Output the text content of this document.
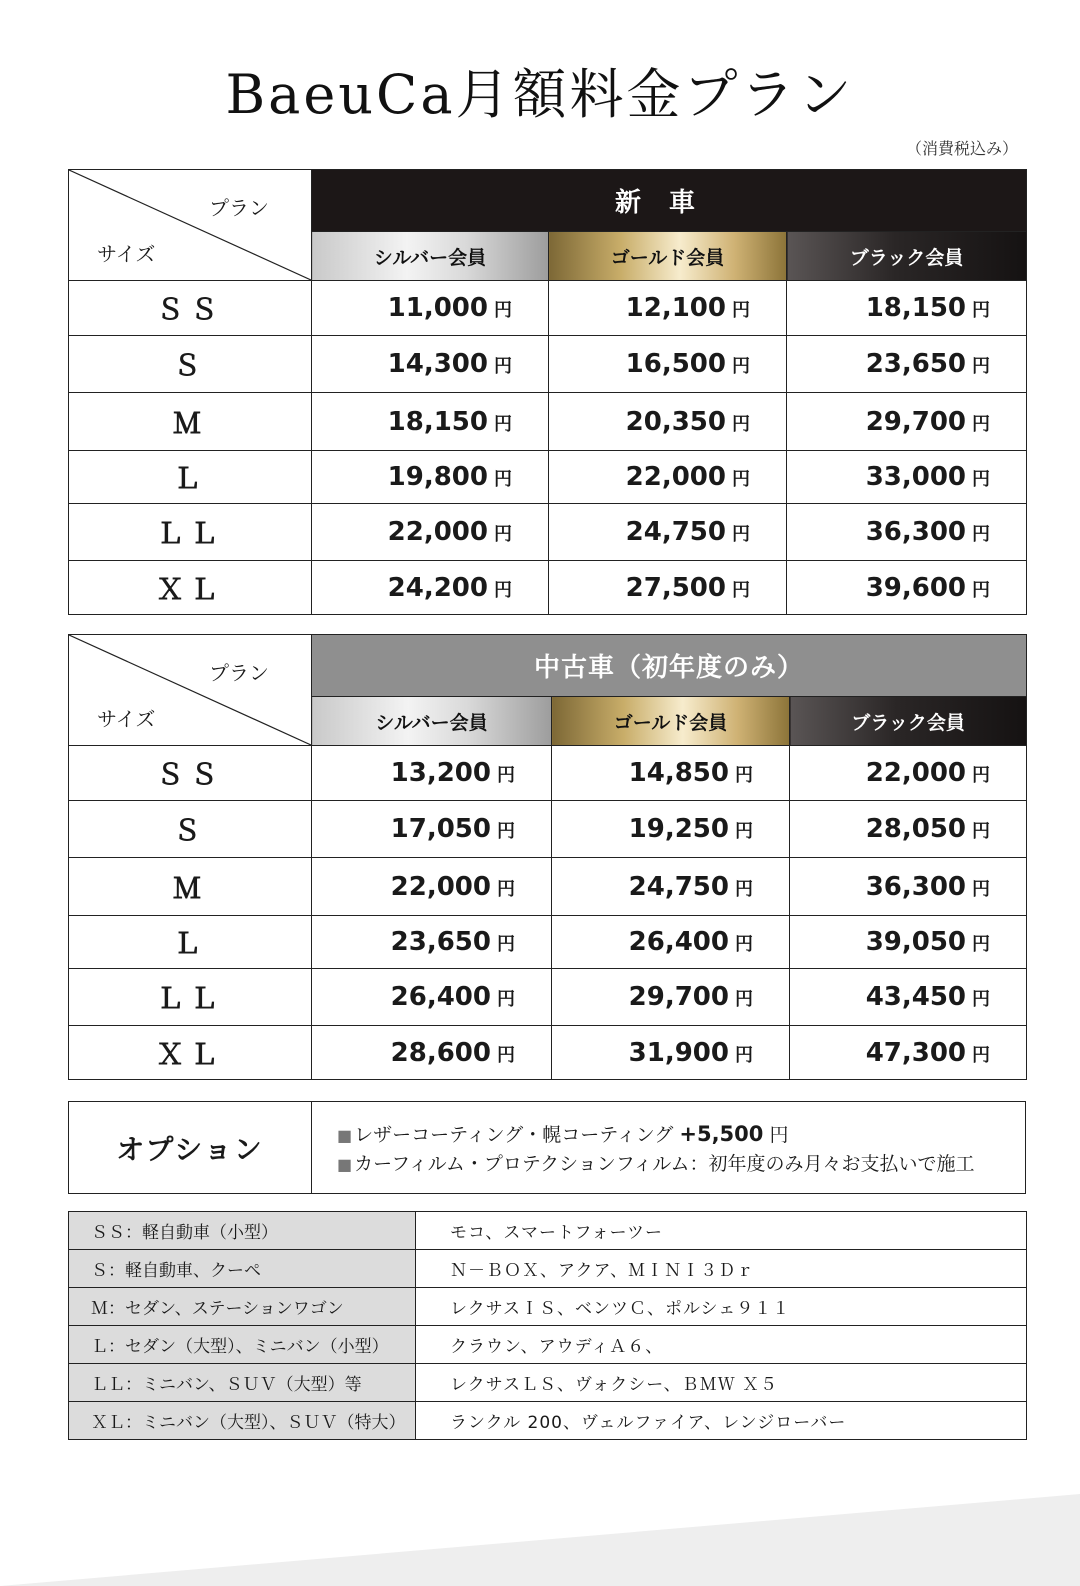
BaeuCa月額料金プラン
（消費税込み）
プラン
サイズ	新車		
	シルバー会員	ゴールド会員	ブラック会員
ＳＳ	11,000 円	12,100 円	18,150 円
Ｓ	14,300 円	16,500 円	23,650 円
Ｍ	18,150 円	20,350 円	29,700 円
Ｌ	19,800 円	22,000 円	33,000 円
ＬＬ	22,000 円	24,750 円	36,300 円
ＸＬ	24,200 円	27,500 円	39,600 円
プラン
サイズ	中古車（初年度のみ）		
	シルバー会員	ゴールド会員	ブラック会員
ＳＳ	13,200 円	14,850 円	22,000 円
Ｓ	17,050 円	19,250 円	28,050 円
Ｍ	22,000 円	24,750 円	36,300 円
Ｌ	23,650 円	26,400 円	39,050 円
ＬＬ	26,400 円	29,700 円	43,450 円
ＸＬ	28,600 円	31,900 円	47,300 円
オプション	■ レザーコーティング・幌コーティング +5,500 円
■ カーフィルム・プロテクションフィルム：初年度のみ月々お支払いで施工
ＳＳ：軽自動車（小型）	モコ、スマートフォーツー
Ｓ：軽自動車、クーペ	Ｎ－ＢＯＸ、アクア、ＭＩＮＩ３Ｄｒ
Ｍ：セダン、ステーションワゴン	レクサスＩＳ、ベンツＣ、ポルシェ９１１
Ｌ：セダン（大型）、ミニバン（小型）	クラウン、アウディＡ６、
ＬＬ：ミニバン、ＳＵＶ（大型）等	レクサスＬＳ、ヴォクシー、ＢＭＷ Ｘ５
ＸＬ：ミニバン（大型）、ＳＵＶ（特大）	ランクル 200、ヴェルファイア、レンジローバー
